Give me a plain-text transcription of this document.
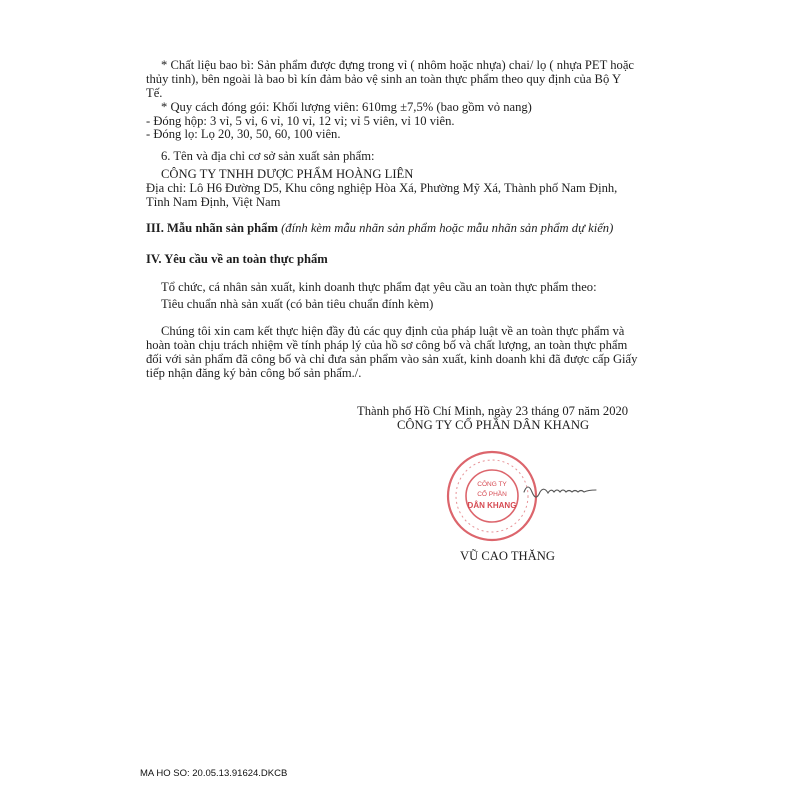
* Chất liệu bao bì: Sản phẩm được đựng trong vỉ ( nhôm hoặc nhựa) chai/ lọ ( nhựa PET hoặc
thủy tinh), bên ngoài là bao bì kín đảm bảo vệ sinh an toàn thực phẩm theo quy định của Bộ Y
Tế.
* Quy cách đóng gói: Khối lượng viên: 610mg ±7,5% (bao gồm vỏ nang)
- Đóng hộp: 3 vỉ, 5 vỉ, 6 vỉ, 10 vỉ, 12 vỉ; vỉ 5 viên, vỉ 10 viên.
- Đóng lọ: Lọ 20, 30, 50, 60, 100 viên.
6. Tên và địa chỉ cơ sở sản xuất sản phẩm:
CÔNG TY TNHH DƯỢC PHẨM HOÀNG LIÊN
Địa chỉ: Lô H6 Đường D5, Khu công nghiệp Hòa Xá, Phường Mỹ Xá, Thành phố Nam Định,
Tỉnh Nam Định, Việt Nam
III. Mẫu nhãn sản phẩm (đính kèm mẫu nhãn sản phẩm hoặc mẫu nhãn sản phẩm dự kiến)
IV. Yêu cầu về an toàn thực phẩm
Tổ chức, cá nhân sản xuất, kinh doanh thực phẩm đạt yêu cầu an toàn thực phẩm theo:
Tiêu chuẩn nhà sản xuất (có bản tiêu chuẩn đính kèm)
Chúng tôi xin cam kết thực hiện đầy đủ các quy định của pháp luật về an toàn thực phẩm và
hoàn toàn chịu trách nhiệm về tính pháp lý của hồ sơ công bố và chất lượng, an toàn thực phẩm
đối với sản phẩm đã công bố và chỉ đưa sản phẩm vào sản xuất, kinh doanh khi đã được cấp Giấy
tiếp nhận đăng ký bản công bố sản phẩm./.
Thành phố Hồ Chí Minh, ngày 23 tháng 07 năm 2020
CÔNG TY CỔ PHẦN DÂN KHANG
CÔNG TY
CỔ PHẦN
DÂN KHANG
VŨ CAO THĂNG
MA HO SO: 20.05.13.91624.DKCB
